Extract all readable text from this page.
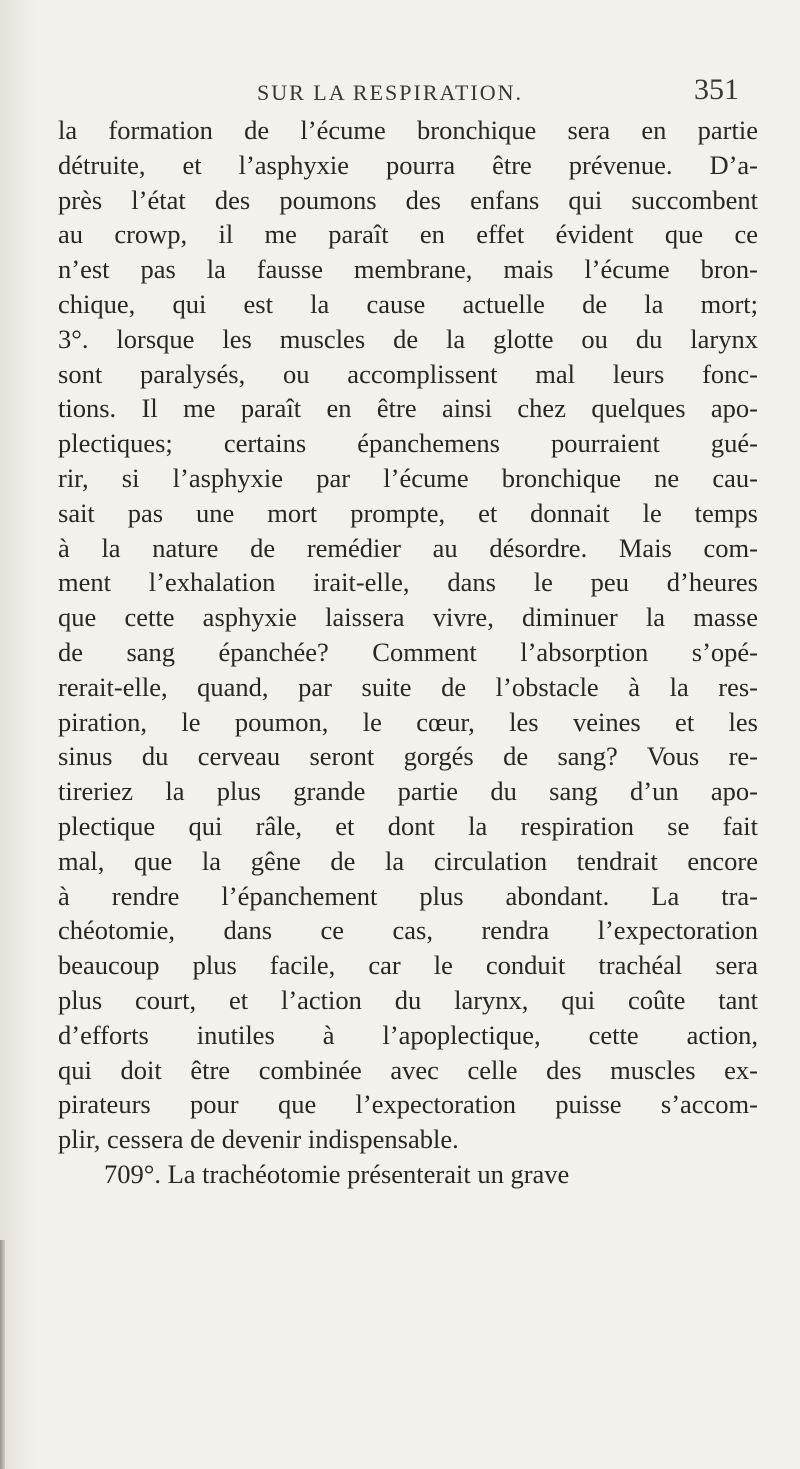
SUR LA RESPIRATION.	351
la formation de l’écume bronchique sera en partie
détruite, et l’asphyxie pourra être prévenue. D’a-
près l’état des poumons des enfans qui succombent
au crowp, il me paraît en effet évident que ce
n’est pas la fausse membrane, mais l’écume bron-
chique, qui est la cause actuelle de la mort;
3°. lorsque les muscles de la glotte ou du larynx
sont paralysés, ou accomplissent mal leurs fonc-
tions. Il me paraît en être ainsi chez quelques apo-
plectiques; certains épanchemens pourraient gué-
rir, si l’asphyxie par l’écume bronchique ne cau-
sait pas une mort prompte, et donnait le temps
à la nature de remédier au désordre. Mais com-
ment l’exhalation irait-elle, dans le peu d’heures
que cette asphyxie laissera vivre, diminuer la masse
de sang épanchée? Comment l’absorption s’opé-
rerait-elle, quand, par suite de l’obstacle à la res-
piration, le poumon, le cœur, les veines et les
sinus du cerveau seront gorgés de sang? Vous re-
tireriez la plus grande partie du sang d’un apo-
plectique qui râle, et dont la respiration se fait
mal, que la gêne de la circulation tendrait encore
à rendre l’épanchement plus abondant. La tra-
chéotomie, dans ce cas, rendra l’expectoration
beaucoup plus facile, car le conduit trachéal sera
plus court, et l’action du larynx, qui coûte tant
d’efforts inutiles à l’apoplectique, cette action,
qui doit être combinée avec celle des muscles ex-
pirateurs pour que l’expectoration puisse s’accom-
plir, cessera de devenir indispensable.
709°. La trachéotomie présenterait un grave
